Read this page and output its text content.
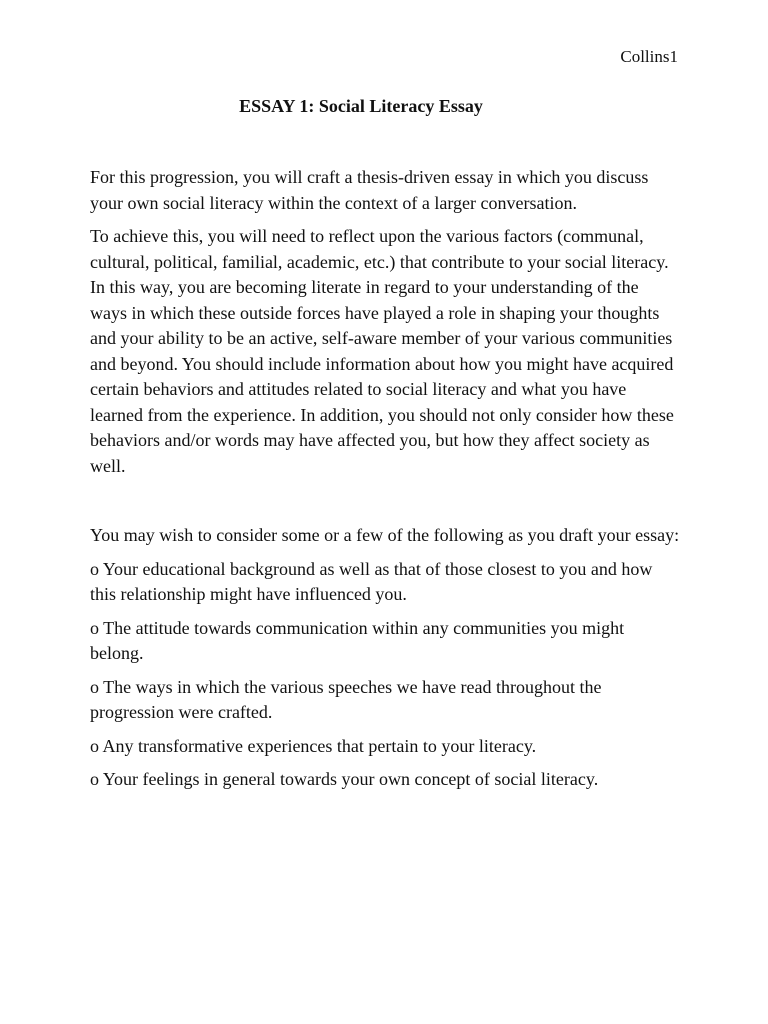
Collins1
ESSAY 1: Social Literacy Essay

For this progression, you will craft a thesis-driven essay in which you discuss your own social literacy within the context of a larger conversation.

To achieve this, you will need to reflect upon the various factors (communal, cultural, political, familial, academic, etc.) that contribute to your social literacy. In this way, you are becoming literate in regard to your understanding of the ways in which these outside forces have played a role in shaping your thoughts and your ability to be an active, self-aware member of your various communities and beyond. You should include information about how you might have acquired certain behaviors and attitudes related to social literacy and what you have learned from the experience. In addition, you should not only consider how these behaviors and/or words may have affected you, but how they affect society as well.

You may wish to consider some or a few of the following as you draft your essay:

o Your educational background as well as that of those closest to you and how this relationship might have influenced you.

o The attitude towards communication within any communities you might belong.

o The ways in which the various speeches we have read throughout the progression were crafted.

o Any transformative experiences that pertain to your literacy.

o Your feelings in general towards your own concept of social literacy.
